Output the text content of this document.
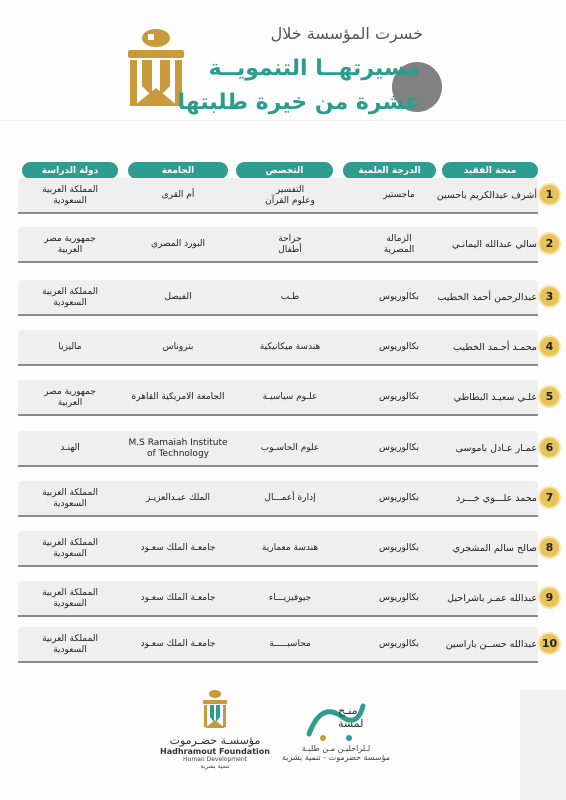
خسرت المؤسسة خلال
مسيرتهــا التنمويــة
عشرة من خيرة طلبتها
منحة الفقيد
الدرجة العلمية
التخصص
الجامعة
دولة الدراسة
1
أشرف عبدالكريم باحسين
ماجستير
التفسير
وعلوم القرآن
أم القرى
المملكة العربية
السعودية
2
سالي عبدالله اليمانـي
الزمالة
المصرية
جراحة
أطفال
البورد المصري
جمهورية مصر
العربية
3
عبدالرحمن أحمد الخطيب
بكالوريوس
طـب
الفيصل
المملكة العربية
السعودية
4
محمـد أحـمد الخطيب
بكالوريوس
هندسة ميكانيكية
بتروناس
ماليزيا
5
علـي سعيـد البطاطي
بكالوريوس
علـوم سياسيـة
الجامعة الامريكية القاهرة
جمهورية مصر
العربية
6
عمـار عـادل باموسى
بكالوريوس
علوم الحاسـوب
M.S Ramaiah Institute
of Technology
الهنـد
7
محمد علـــوي خـــرد
بكالوريوس
إدارة أعمـــال
الملك عبـدالعزيـز
المملكة العربية
السعودية
8
صالح سالم المشجري
بكالوريوس
هندسة معمارية
جامعـة الملك سعـود
المملكة العربية
السعودية
9
عبدالله عمـر باشراحيل
بكالوريوس
جيوفيزيـــاء
جامعـة الملك سعـود
المملكة العربية
السعودية
10
عبدالله حســن باراسين
بكالوريوس
محاسبـــــة
جامعـة الملك سعـود
المملكة العربية
السعودية
منـح
لمسة
لـلراحليـن مـن طلبـة
مؤسسة حضرموت - تنمية بشرية
مؤسسـة حضـرموت
Hadhramout Foundation
Human Development
تنمية بشرية
